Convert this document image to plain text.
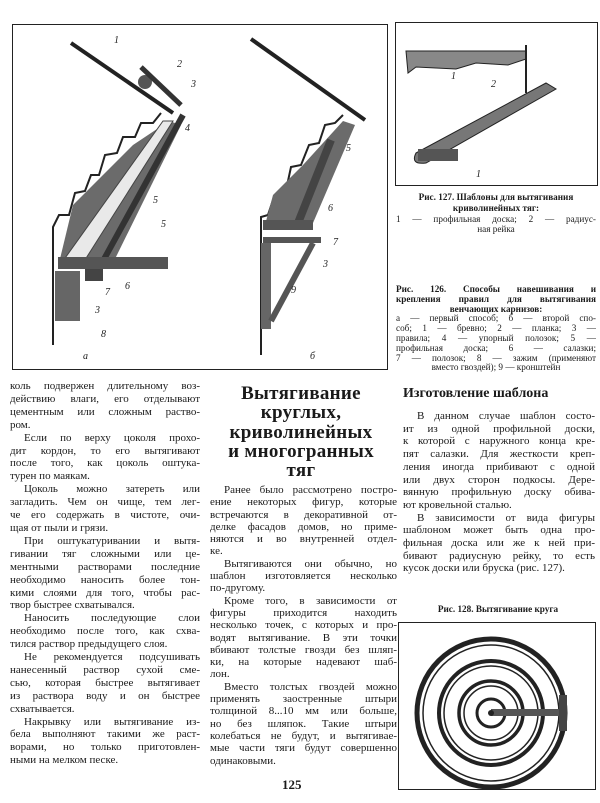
1
2
3
4
5
5
6
7
3
8
5
6
7
3
9
а	б
1
2
1
Рис. 127. Шаблоны для вытягивания
криволинейных тяг:
1 — профильная доска; 2 — радиус-
ная рейка
Рис. 126. Способы навешивания и
крепления правил для вытягивания
венчающих карнизов:
а — первый способ; б — второй спо-
соб; 1 — бревно; 2 — планка; 3 —
правила; 4 — упорный полозок; 5 —
профильная доска; 6 — салазки;
7 — полозок; 8 — зажим (применяют
вместо гвоздей); 9 — кронштейн
коль подвержен длительному воз-
действию влаги, его отделывают
цементным или сложным раство-
ром.
Если по верху цоколя прохо-
дит кордон, то его вытягивают
после того, как цоколь оштука-
турен по маякам.
Цоколь можно затереть или
загладить. Чем он чище, тем лег-
че его содержать в чистоте, очи-
щая от пыли и грязи.
При оштукатуривании и вытя-
гивании тяг сложными или це-
ментными растворами последние
необходимо наносить более тон-
кими слоями для того, чтобы рас-
твор быстрее схватывался.
Наносить последующие слои
необходимо после того, как схва-
тился раствор предыдущего слоя.
Не рекомендуется подсушивать
нанесенный раствор сухой сме-
сью, которая быстрее вытягивает
из раствора воду и он быстрее
схватывается.
Накрывку или вытягивание из-
бела выполняют такими же раст-
ворами, но только приготовлен-
ными на мелком песке.
Вытягивание
круглых,
криволинейных
и многогранных
тяг
Ранее было рассмотрено постро-
ение некоторых фигур, которые
встречаются в декоративной от-
делке фасадов домов, но приме-
няются и во внутренней отдел-
ке.
Вытягиваются они обычно, но
шаблон изготовляется несколько
по-другому.
Кроме того, в зависимости от
фигуры приходится находить
несколько точек, с которых и про-
водят вытягивание. В эти точки
вбивают толстые гвозди без шляп-
ки, на которые надевают шаб-
лон.
Вместо толстых гвоздей можно
применять заостренные штыри
толщиной 8...10 мм или больше,
но без шляпок. Такие штыри
колебаться не будут, и вытягивае-
мые части тяги будут совершенно
одинаковыми.
Изготовление шаблона
В данном случае шаблон состо-
ит из одной профильной доски,
к которой с наружного конца кре-
пят салазки. Для жесткости креп-
ления иногда прибивают с одной
или двух сторон подкосы. Дере-
вянную профильную доску обива-
ют кровельной сталью.
В зависимости от вида фигуры
шаблоном может быть одна про-
фильная доска или же к ней при-
бивают радиусную рейку, то есть
кусок доски или бруска (рис. 127).
Рис. 128. Вытягивание круга
125
